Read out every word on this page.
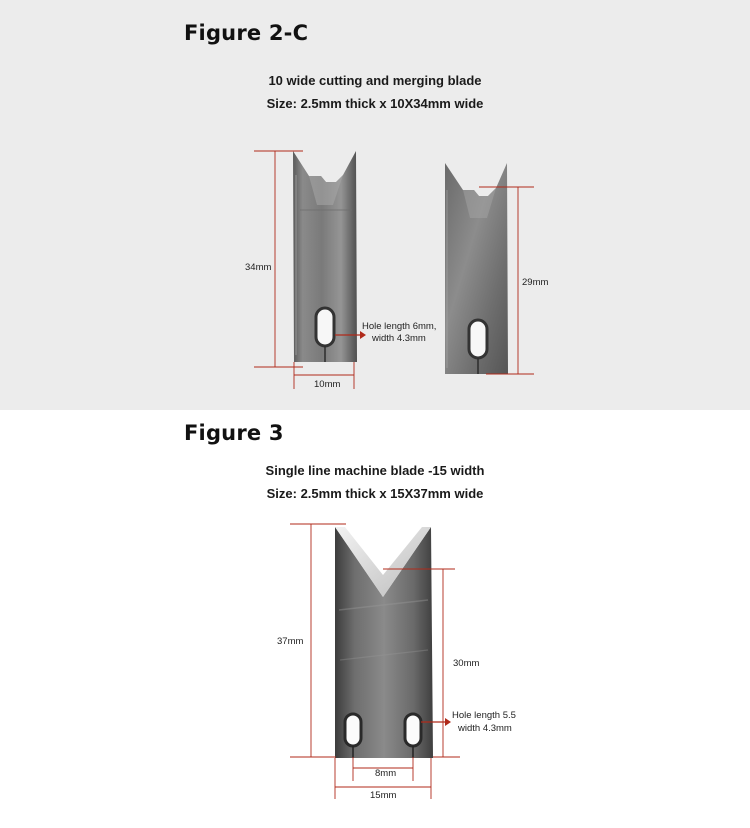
Figure 2-C
10 wide cutting and merging blade
Size: 2.5mm thick x 10X34mm wide
Figure 3
Single line machine blade -15 width
Size: 2.5mm thick x 15X37mm wide
34mm
10mm
Hole length 6mm,
width 4.3mm
29mm
37mm
30mm
Hole length 5.5
width 4.3mm
8mm
15mm
